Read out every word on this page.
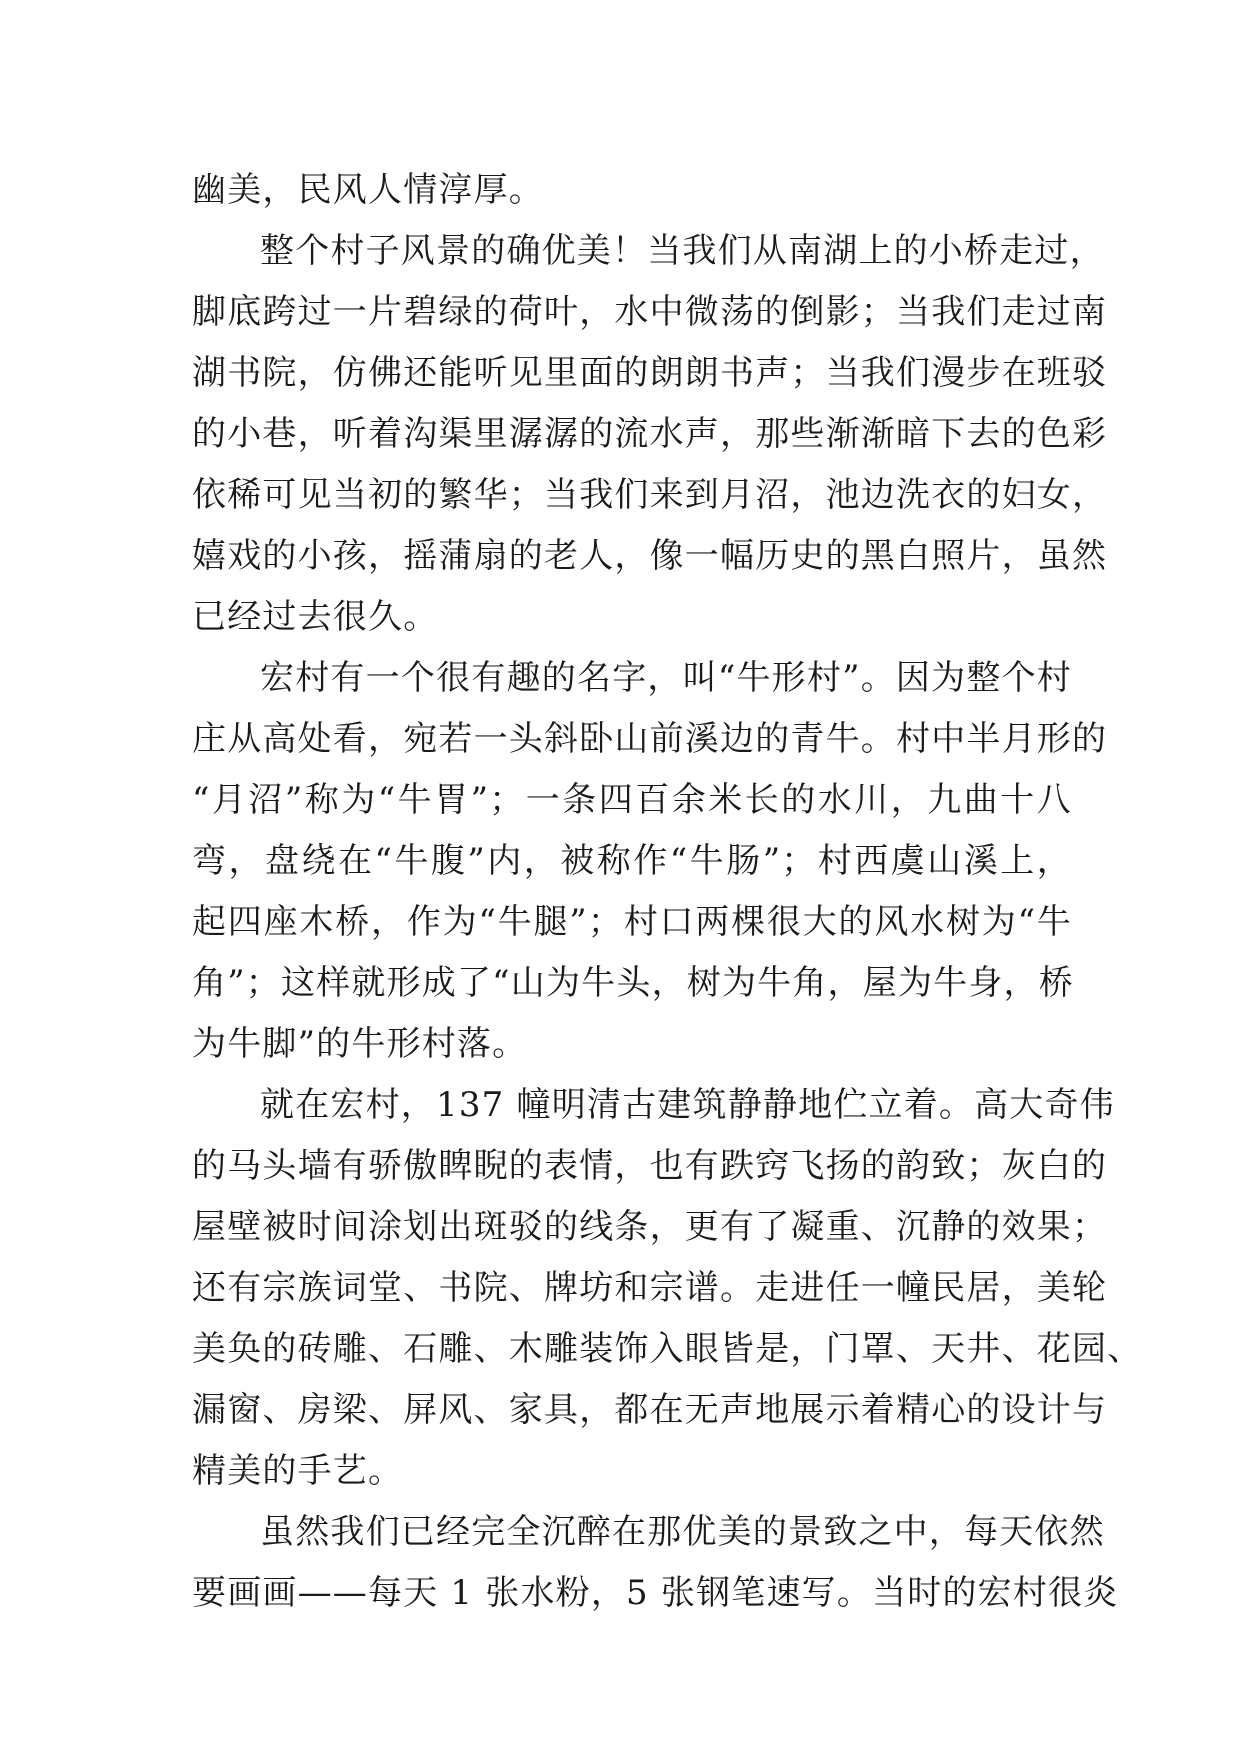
幽美，民风人情淳厚。
整个村子风景的确优美！当我们从南湖上的小桥走过，
脚底跨过一片碧绿的荷叶，水中微荡的倒影；当我们走过南
湖书院，仿佛还能听见里面的朗朗书声；当我们漫步在班驳
的小巷，听着沟渠里潺潺的流水声，那些渐渐暗下去的色彩
依稀可见当初的繁华；当我们来到月沼，池边洗衣的妇女，
嬉戏的小孩，摇蒲扇的老人，像一幅历史的黑白照片，虽然
已经过去很久。
宏村有一个很有趣的名字，叫“牛形村”。因为整个村
庄从高处看，宛若一头斜卧山前溪边的青牛。村中半月形的
“月沼”称为“牛胃”；一条四百余米长的水川，九曲十八
弯，盘绕在“牛腹”内，被称作“牛肠”；村西虞山溪上，
起四座木桥，作为“牛腿”；村口两棵很大的风水树为“牛
角”；这样就形成了“山为牛头，树为牛角，屋为牛身，桥
为牛脚”的牛形村落。
就在宏村，137 幢明清古建筑静静地伫立着。高大奇伟
的马头墙有骄傲睥睨的表情，也有跌窍飞扬的韵致；灰白的
屋壁被时间涂划出斑驳的线条，更有了凝重、沉静的效果；
还有宗族词堂、书院、牌坊和宗谱。走进任一幢民居，美轮
美奂的砖雕、石雕、木雕装饰入眼皆是，门罩、天井、花园、
漏窗、房梁、屏风、家具，都在无声地展示着精心的设计与
精美的手艺。
虽然我们已经完全沉醉在那优美的景致之中，每天依然
要画画——每天 1 张水粉，5 张钢笔速写。当时的宏村很炎
